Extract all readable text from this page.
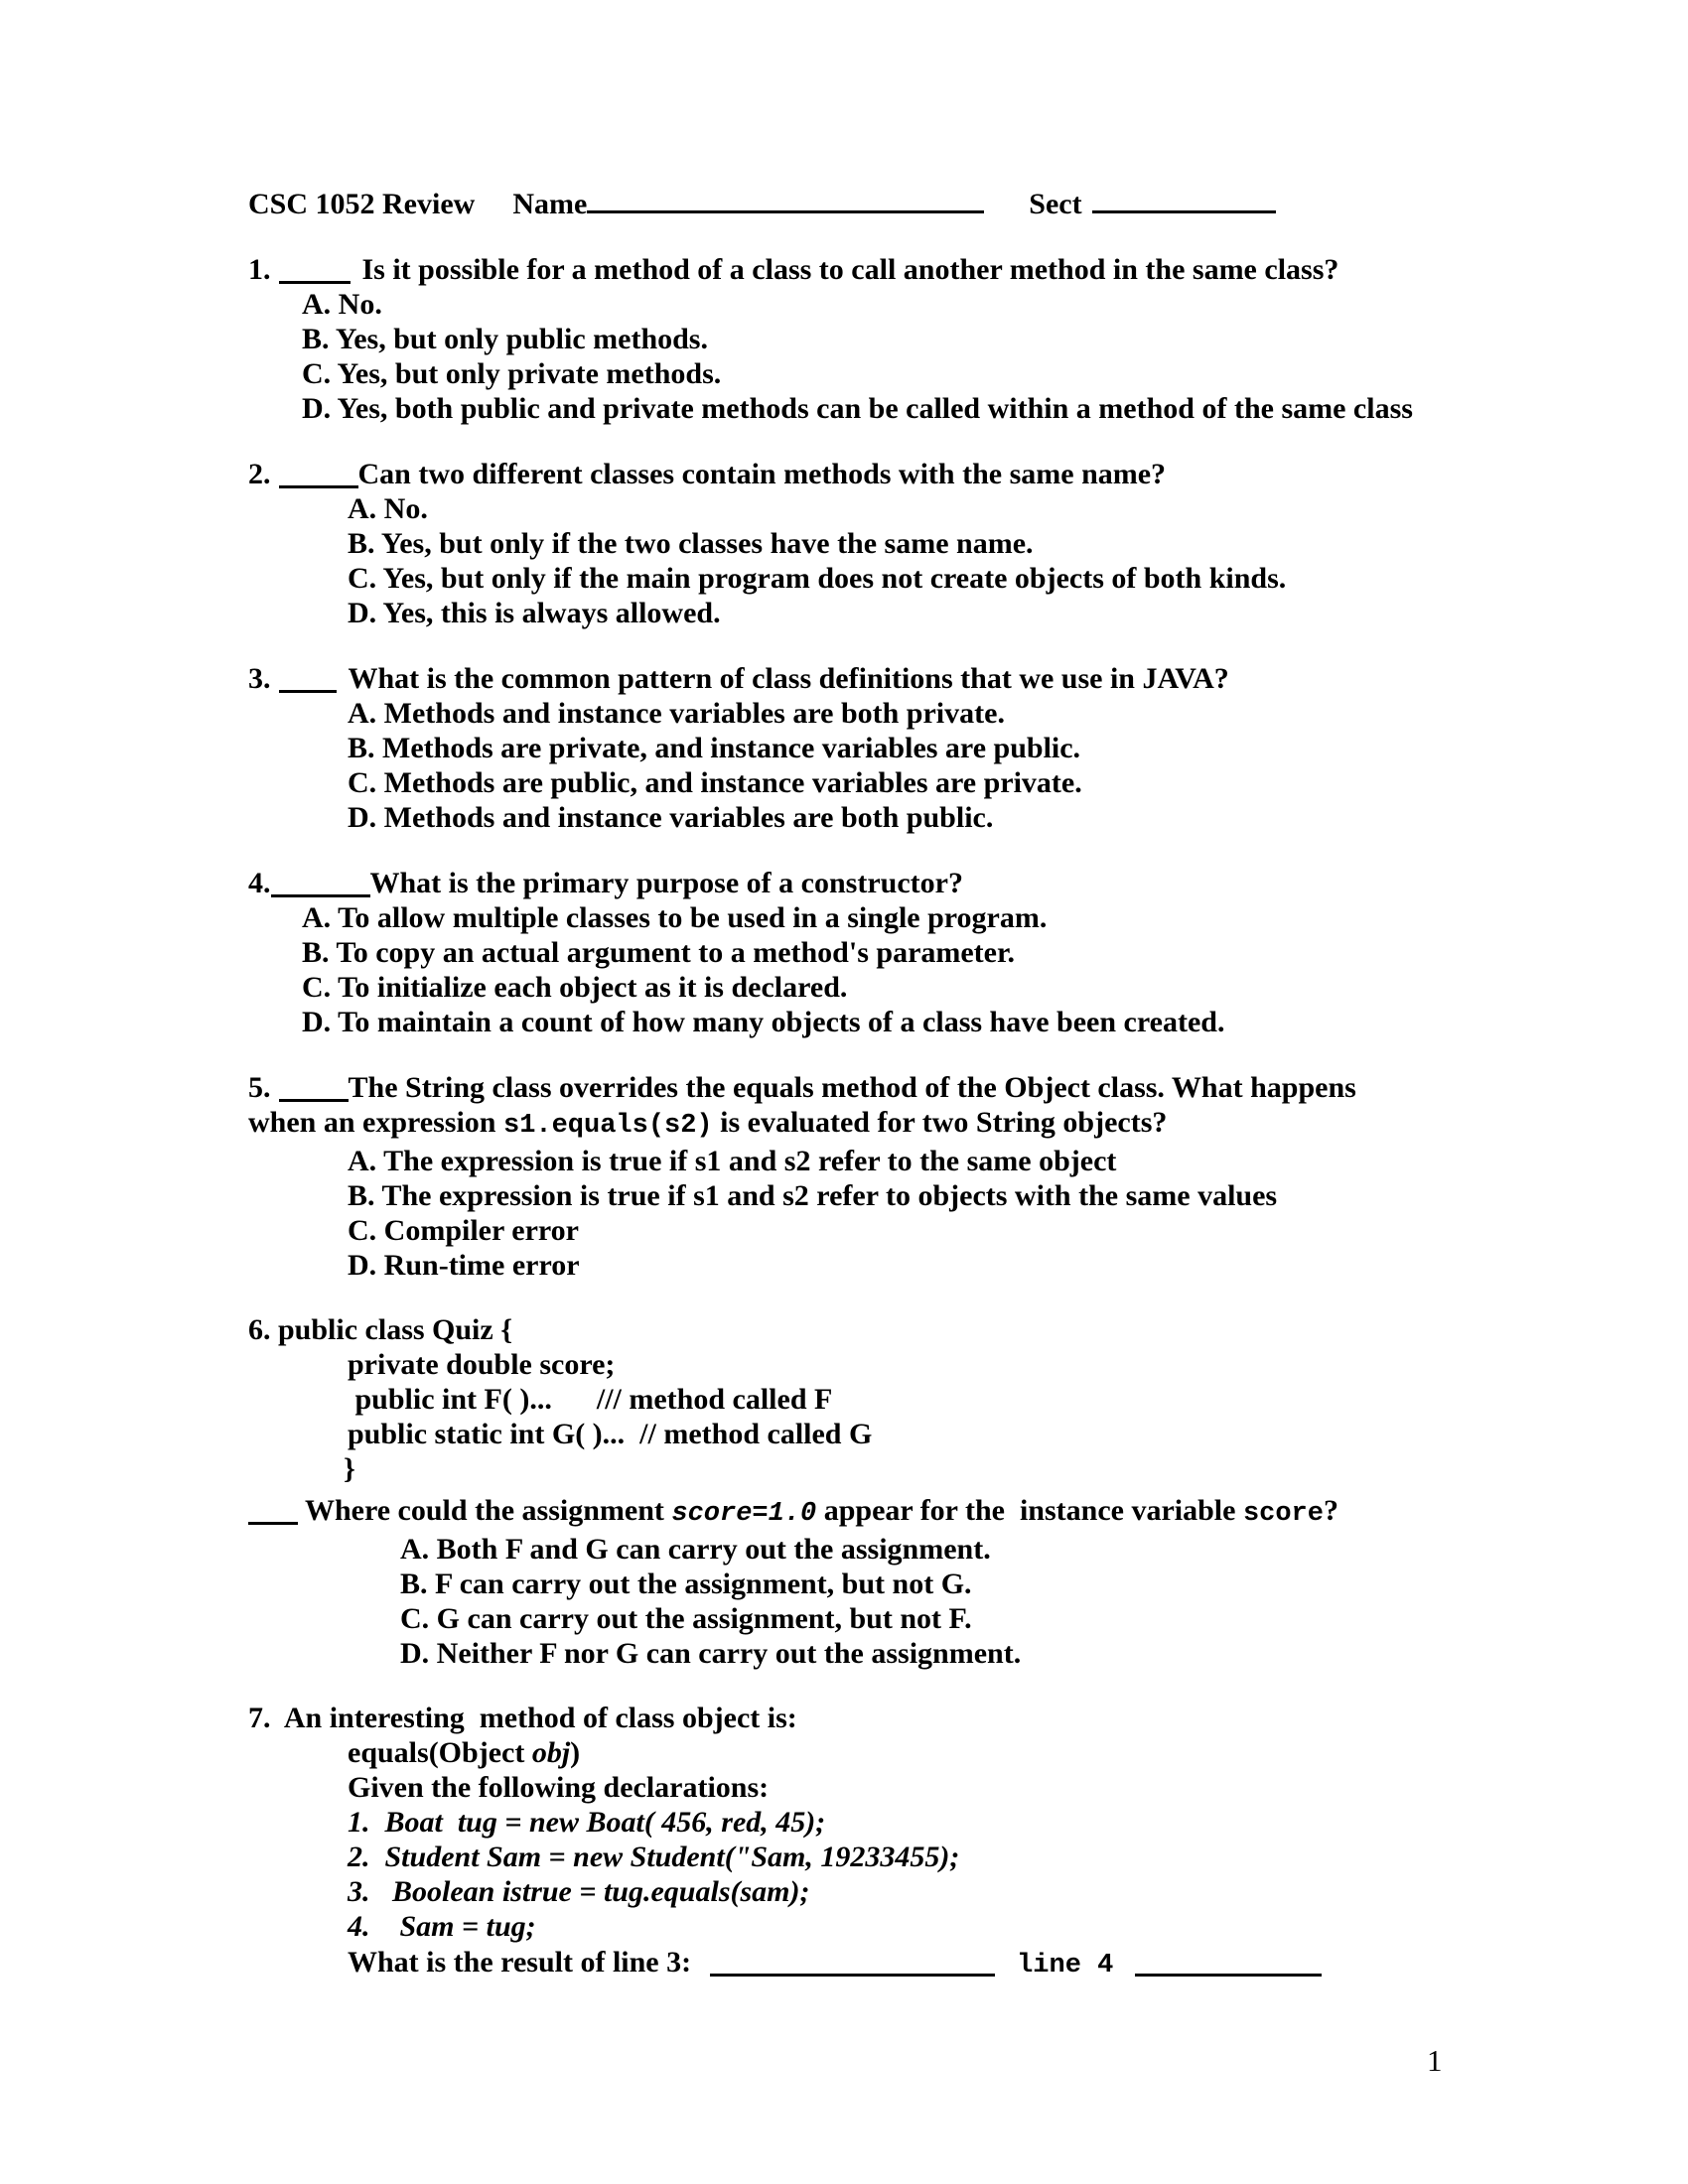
CSC 1052 Review Name	Sect
1.	Is it possible for a method of a class to call another method in the same class?
A. No.
B. Yes, but only public methods.
C. Yes, but only private methods.
D. Yes, both public and private methods can be called within a method of the same class
2.	Can two different classes contain methods with the same name?
A. No.
B. Yes, but only if the two classes have the same name.
C. Yes, but only if the main program does not create objects of both kinds.
D. Yes, this is always allowed.
3.	What is the common pattern of class definitions that we use in JAVA?
A. Methods and instance variables are both private.
B. Methods are private, and instance variables are public.
C. Methods are public, and instance variables are private.
D. Methods and instance variables are both public.
4.	What is the primary purpose of a constructor?
A. To allow multiple classes to be used in a single program.
B. To copy an actual argument to a method's parameter.
C. To initialize each object as it is declared.
D. To maintain a count of how many objects of a class have been created.
5.	The String class overrides the equals method of the Object class. What happens
when an expression s1.equals(s2) is evaluated for two String objects?
A. The expression is true if s1 and s2 refer to the same object
B. The expression is true if s1 and s2 refer to objects with the same values
C. Compiler error
D. Run-time error
6. public class Quiz {
private double score;
public int F( )...      /// method called F
public static int G( )...  // method called G
}
Where could the assignment score=1.0 appear for the  instance variable score?
A. Both F and G can carry out the assignment.
B. F can carry out the assignment, but not G.
C. G can carry out the assignment, but not F.
D. Neither F nor G can carry out the assignment.
7.  An interesting  method of class object is:
equals(Object obj)
Given the following declarations:
1.  Boat  tug = new Boat( 456, red, 45);
2.  Student Sam = new Student("Sam, 19233455);
3.   Boolean istrue = tug.equals(sam);
4.    Sam = tug;
What is the result of line 3:	line 4
1
